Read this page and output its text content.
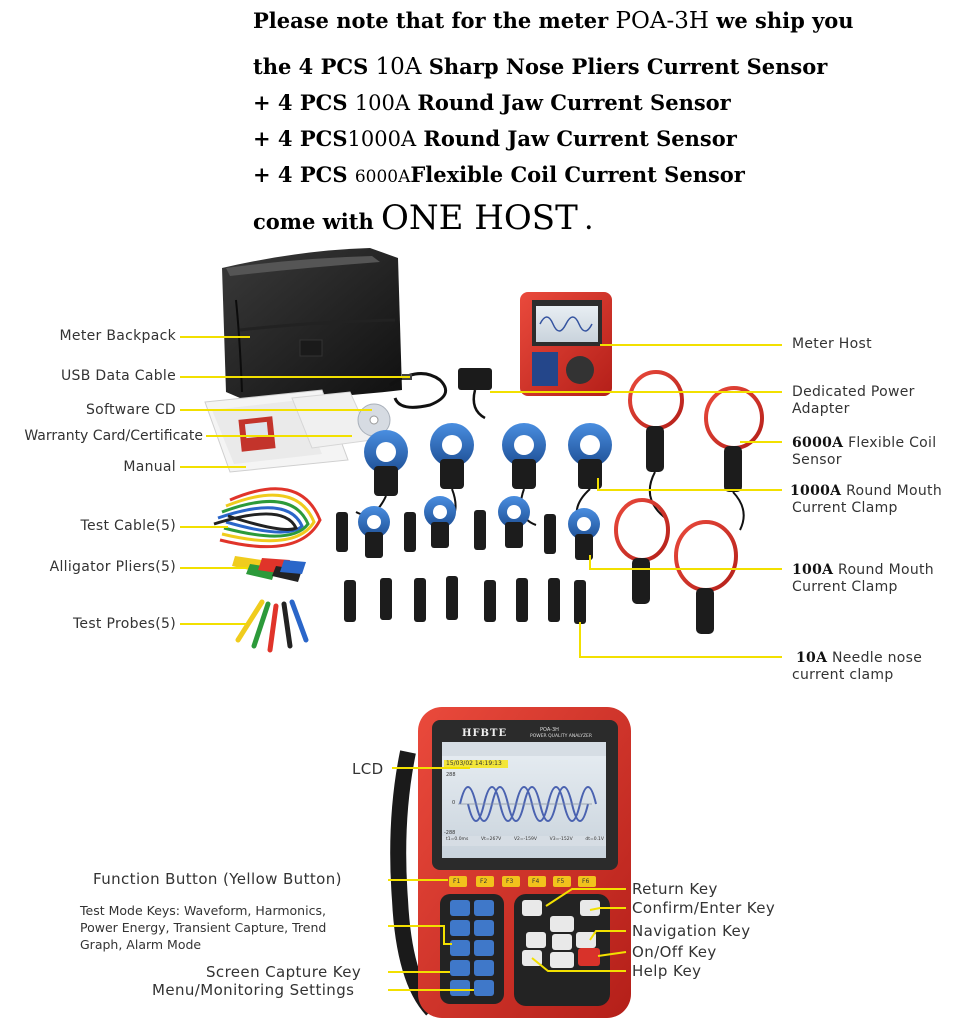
Please note that for the meter POA-3H we ship you
the 4 PCS 10A Sharp Nose Pliers Current Sensor
+ 4 PCS 100A Round Jaw Current Sensor
+ 4 PCS1000A Round Jaw Current Sensor
+ 4 PCS 6000AFlexible Coil Current Sensor
come with ONE HOST .
Meter Backpack
USB Data Cable
Software CD
Warranty Card/Certificate
Manual
Test Cable(5)
Alligator Pliers(5)
Test Probes(5)
Meter Host
Dedicated Power
Adapter
6000A Flexible Coil
Sensor
1000A Round Mouth
Current Clamp
100A Round Mouth
Current Clamp
10A Needle nose
current clamp
HFBTE	POA-3H
POWER QUALITY ANALYZER
15/03/02 14:19:13
288
0
-288
t1=0.0ms	Vt=267V	V2=-159V	V3=-152V	dt=0.1V
F1	F2	F3	F4	F5	F6
LCD
Function Button (Yellow Button)
Test Mode Keys: Waveform, Harmonics,
Power Energy, Transient Capture, Trend
Graph, Alarm Mode
Screen Capture Key
Menu/Monitoring Settings
Return Key
Confirm/Enter Key
Navigation Key
On/Off Key
Help Key
